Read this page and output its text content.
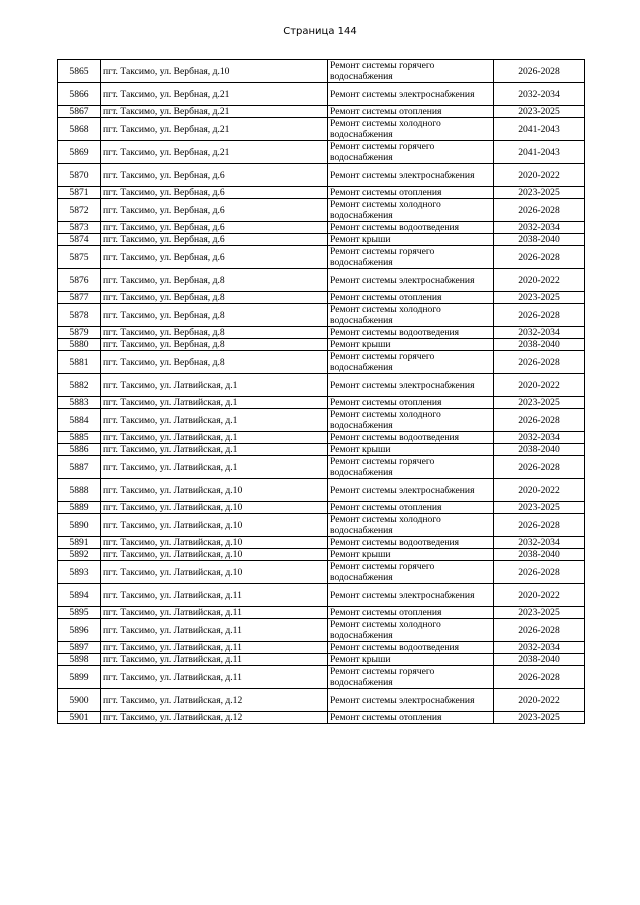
Страница 144
5865	пгт. Таксимо, ул. Вербная, д.10	Ремонт системы горячего водоснабжения	2026-2028
5866	пгт. Таксимо, ул. Вербная, д.21	Ремонт системы электроснабжения	2032-2034
5867	пгт. Таксимо, ул. Вербная, д.21	Ремонт системы отопления	2023-2025
5868	пгт. Таксимо, ул. Вербная, д.21	Ремонт системы холодного водоснабжения	2041-2043
5869	пгт. Таксимо, ул. Вербная, д.21	Ремонт системы горячего водоснабжения	2041-2043
5870	пгт. Таксимо, ул. Вербная, д.6	Ремонт системы электроснабжения	2020-2022
5871	пгт. Таксимо, ул. Вербная, д.6	Ремонт системы отопления	2023-2025
5872	пгт. Таксимо, ул. Вербная, д.6	Ремонт системы холодного водоснабжения	2026-2028
5873	пгт. Таксимо, ул. Вербная, д.6	Ремонт системы водоотведения	2032-2034
5874	пгт. Таксимо, ул. Вербная, д.6	Ремонт крыши	2038-2040
5875	пгт. Таксимо, ул. Вербная, д.6	Ремонт системы горячего водоснабжения	2026-2028
5876	пгт. Таксимо, ул. Вербная, д.8	Ремонт системы электроснабжения	2020-2022
5877	пгт. Таксимо, ул. Вербная, д.8	Ремонт системы отопления	2023-2025
5878	пгт. Таксимо, ул. Вербная, д.8	Ремонт системы холодного водоснабжения	2026-2028
5879	пгт. Таксимо, ул. Вербная, д.8	Ремонт системы водоотведения	2032-2034
5880	пгт. Таксимо, ул. Вербная, д.8	Ремонт крыши	2038-2040
5881	пгт. Таксимо, ул. Вербная, д.8	Ремонт системы горячего водоснабжения	2026-2028
5882	пгт. Таксимо, ул. Латвийская, д.1	Ремонт системы электроснабжения	2020-2022
5883	пгт. Таксимо, ул. Латвийская, д.1	Ремонт системы отопления	2023-2025
5884	пгт. Таксимо, ул. Латвийская, д.1	Ремонт системы холодного водоснабжения	2026-2028
5885	пгт. Таксимо, ул. Латвийская, д.1	Ремонт системы водоотведения	2032-2034
5886	пгт. Таксимо, ул. Латвийская, д.1	Ремонт крыши	2038-2040
5887	пгт. Таксимо, ул. Латвийская, д.1	Ремонт системы горячего водоснабжения	2026-2028
5888	пгт. Таксимо, ул. Латвийская, д.10	Ремонт системы электроснабжения	2020-2022
5889	пгт. Таксимо, ул. Латвийская, д.10	Ремонт системы отопления	2023-2025
5890	пгт. Таксимо, ул. Латвийская, д.10	Ремонт системы холодного водоснабжения	2026-2028
5891	пгт. Таксимо, ул. Латвийская, д.10	Ремонт системы водоотведения	2032-2034
5892	пгт. Таксимо, ул. Латвийская, д.10	Ремонт крыши	2038-2040
5893	пгт. Таксимо, ул. Латвийская, д.10	Ремонт системы горячего водоснабжения	2026-2028
5894	пгт. Таксимо, ул. Латвийская, д.11	Ремонт системы электроснабжения	2020-2022
5895	пгт. Таксимо, ул. Латвийская, д.11	Ремонт системы отопления	2023-2025
5896	пгт. Таксимо, ул. Латвийская, д.11	Ремонт системы холодного водоснабжения	2026-2028
5897	пгт. Таксимо, ул. Латвийская, д.11	Ремонт системы водоотведения	2032-2034
5898	пгт. Таксимо, ул. Латвийская, д.11	Ремонт крыши	2038-2040
5899	пгт. Таксимо, ул. Латвийская, д.11	Ремонт системы горячего водоснабжения	2026-2028
5900	пгт. Таксимо, ул. Латвийская, д.12	Ремонт системы электроснабжения	2020-2022
5901	пгт. Таксимо, ул. Латвийская, д.12	Ремонт системы отопления	2023-2025
